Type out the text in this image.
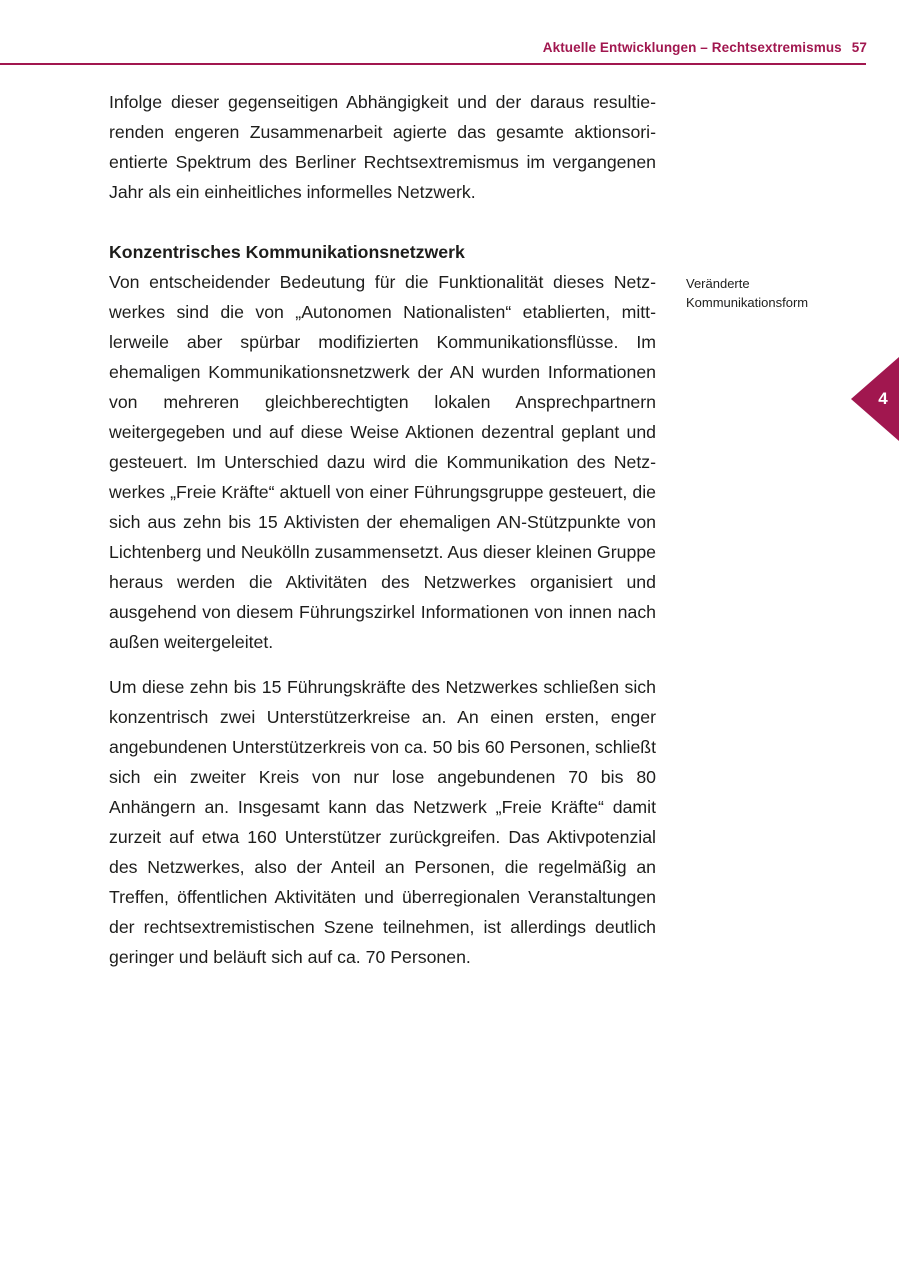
Aktuelle Entwicklungen – Rechtsextremismus 57

Infolge dieser gegenseitigen Abhängigkeit und der daraus resultierenden engeren Zusammenarbeit agierte das gesamte aktionsorientierte Spektrum des Berliner Rechtsextremismus im vergangenen Jahr als ein einheitliches informelles Netzwerk.

Konzentrisches Kommunikationsnetzwerk

Von entscheidender Bedeutung für die Funktionalität dieses Netzwerkes sind die von „Autonomen Nationalisten“ etablierten, mittlerweile aber spürbar modifizierten Kommunikationsflüsse. Im ehemaligen Kommunikationsnetzwerk der AN wurden Informationen von mehreren gleichberechtigten lokalen Ansprechpartnern weitergegeben und auf diese Weise Aktionen dezentral geplant und gesteuert. Im Unterschied dazu wird die Kommunikation des Netzwerkes „Freie Kräfte“ aktuell von einer Führungsgruppe gesteuert, die sich aus zehn bis 15 Aktivisten der ehemaligen AN-Stützpunkte von Lichtenberg und Neukölln zusammensetzt. Aus dieser kleinen Gruppe heraus werden die Aktivitäten des Netzwerkes organisiert und ausgehend von diesem Führungszirkel Informationen von innen nach außen weitergeleitet.

Um diese zehn bis 15 Führungskräfte des Netzwerkes schließen sich konzentrisch zwei Unterstützerkreise an. An einen ersten, enger angebundenen Unterstützerkreis von ca. 50 bis 60 Personen, schließt sich ein zweiter Kreis von nur lose angebundenen 70 bis 80 Anhängern an. Insgesamt kann das Netzwerk „Freie Kräfte“ damit zurzeit auf etwa 160 Unterstützer zurückgreifen. Das Aktivpotenzial des Netzwerkes, also der Anteil an Personen, die regelmäßig an Treffen, öffentlichen Aktivitäten und überregionalen Veranstaltungen der rechtsextremistischen Szene teilnehmen, ist allerdings deutlich geringer und beläuft sich auf ca. 70 Personen.

Veränderte
Kommunikationsform
4
